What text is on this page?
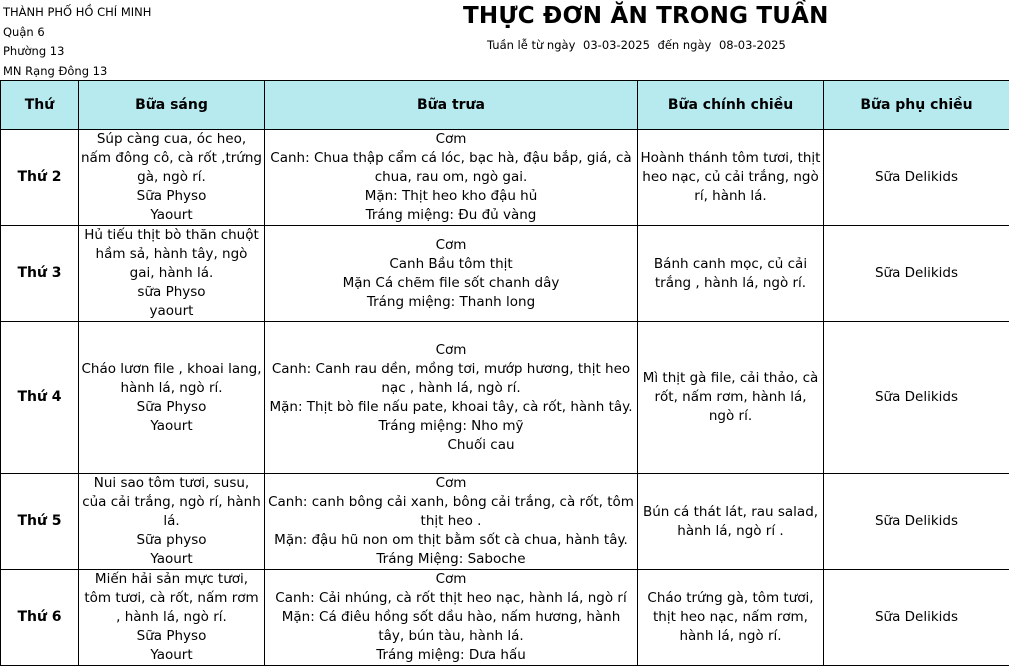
THÀNH PHỐ HỒ CHÍ MINH
Quận 6
Phường 13
MN Rạng Đông 13
THỰC ĐƠN ĂN TRONG TUẦN
Tuần lễ từ ngày 03-03-2025 đến ngày 08-03-2025
Thứ	Bữa sáng	Bữa trưa	Bữa chính chiều	Bữa phụ chiều
Thứ 2	Súp càng cua, óc heo, nấm đông cô, cà rốt ,trứng gà, ngò rí.
Sữa Physo
Yaourt	Cơm
Canh: Chua thập cẩm cá lóc, bạc hà, đậu bắp, giá, cà chua, rau om, ngò gai.
Mặn: Thịt heo kho đậu hủ
Tráng miệng: Đu đủ vàng	Hoành thánh tôm tươi, thịt heo nạc, củ cải trắng, ngò rí, hành lá.	Sữa Delikids
Thứ 3	Hủ tiếu thịt bò thăn chuột hầm sả, hành tây, ngò gai, hành lá.
sữa Physo
yaourt	Cơm
Canh Bầu tôm thịt
Mặn Cá chẽm file sốt chanh dây
Tráng miệng: Thanh long	Bánh canh mọc, củ cải trắng , hành lá, ngò rí.	Sữa Delikids
Thứ 4	Cháo lươn file , khoai lang, hành lá, ngò rí.
Sữa Physo
Yaourt	Cơm
Canh: Canh rau dền, mồng tơi, mướp hương, thịt heo nạc , hành lá, ngò rí.
Mặn: Thịt bò file nấu pate, khoai tây, cà rốt, hành tây.
Tráng miệng: Nho mỹ
Chuối cau	Mì thịt gà file, cải thảo, cà rốt, nấm rơm, hành lá, ngò rí.	Sữa Delikids
Thứ 5	Nui sao tôm tươi, susu, của cải trắng, ngò rí, hành lá.
Sữa physo
Yaourt	Cơm
Canh: canh bông cải xanh, bông cải trắng, cà rốt, tôm thịt heo .
Mặn: đậu hũ non om thịt bằm sốt cà chua, hành tây.
Tráng Miệng: Saboche	Bún cá thát lát, rau salad, hành lá, ngò rí .	Sữa Delikids
Thứ 6	Miến hải sản mực tươi, tôm tươi, cà rốt, nấm rơm , hành lá, ngò rí.
Sữa Physo
Yaourt	Cơm
Canh: Cải nhúng, cà rốt thịt heo nạc, hành lá, ngò rí
Mặn: Cá điêu hồng sốt dầu hào, nấm hương, hành tây, bún tàu, hành lá.
Tráng miệng: Dưa hấu	Cháo trứng gà, tôm tươi, thịt heo nạc, nấm rơm, hành lá, ngò rí.	Sữa Delikids
